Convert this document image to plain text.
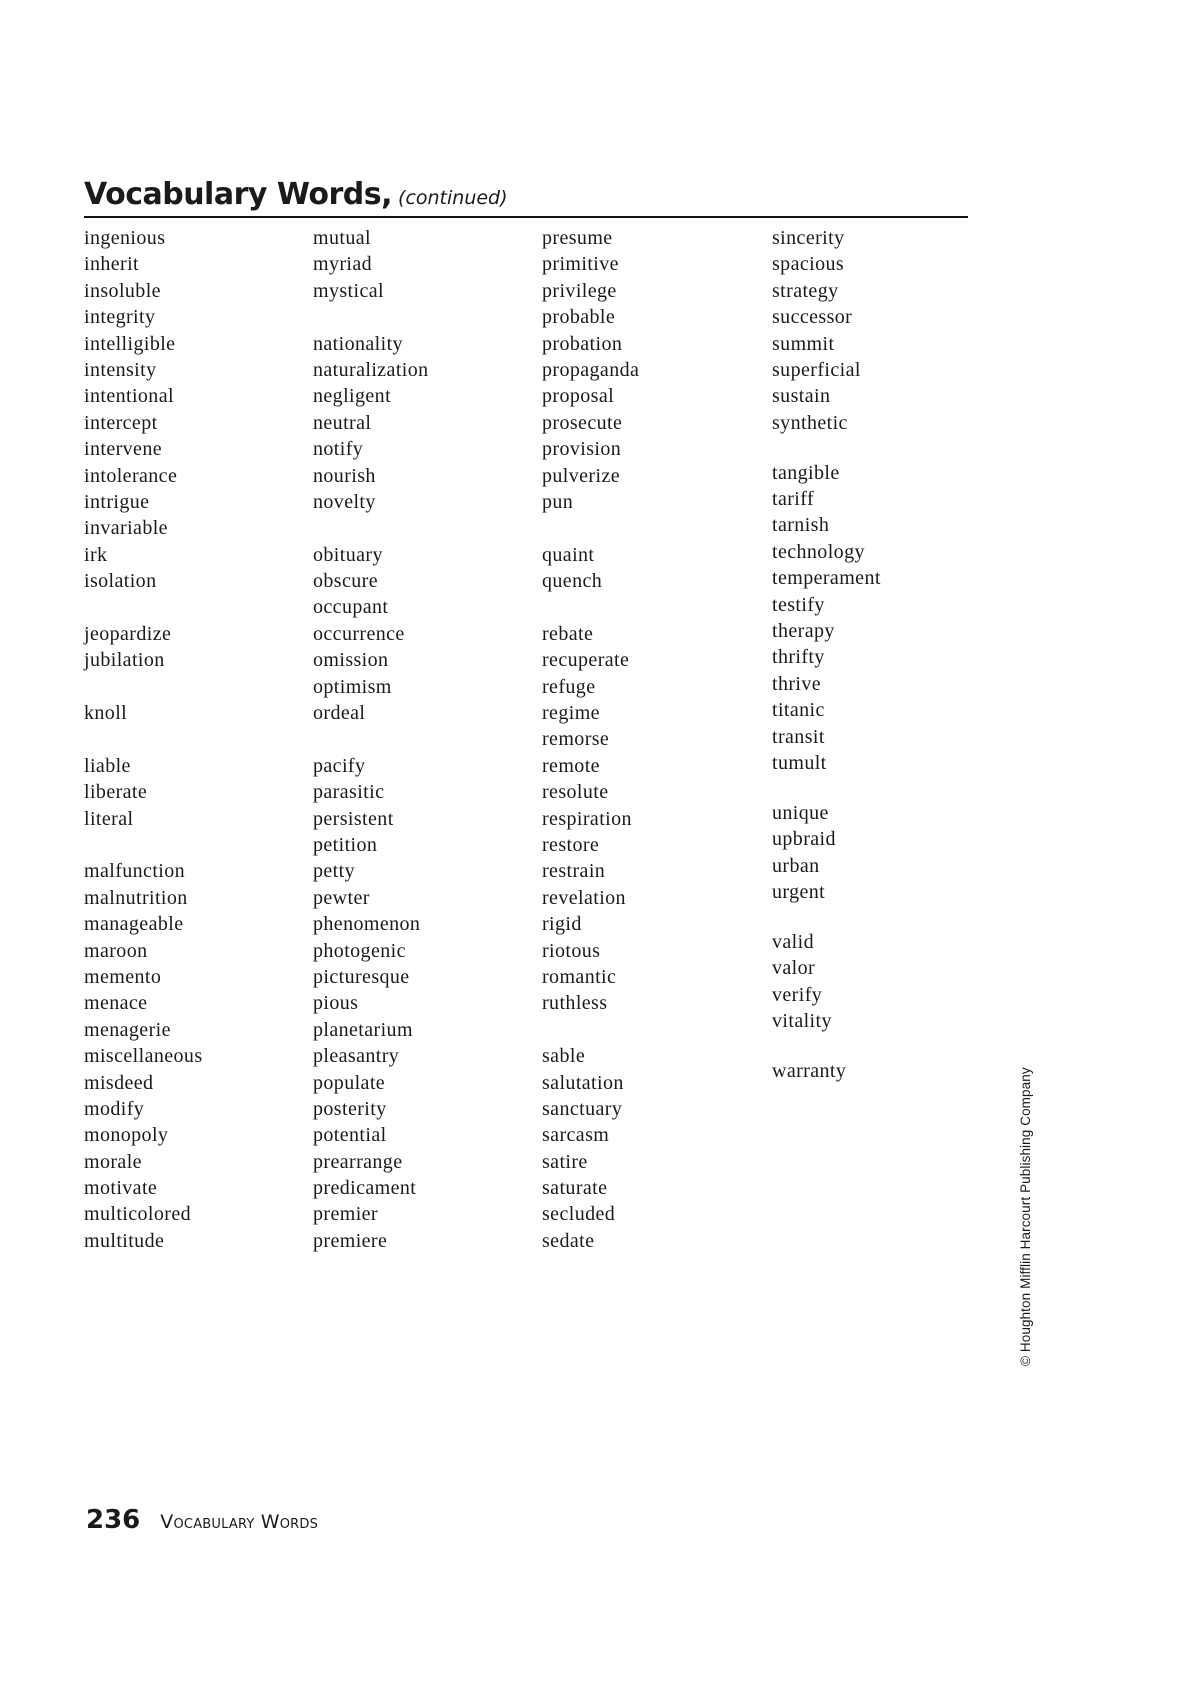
Vocabulary Words, (continued)
ingenious
inherit
insoluble
integrity
intelligible
intensity
intentional
intercept
intervene
intolerance
intrigue
invariable
irk
isolation
jeopardize
jubilation
knoll
liable
liberate
literal
malfunction
malnutrition
manageable
maroon
memento
menace
menagerie
miscellaneous
misdeed
modify
monopoly
morale
motivate
multicolored
multitude
mutual
myriad
mystical
nationality
naturalization
negligent
neutral
notify
nourish
novelty
obituary
obscure
occupant
occurrence
omission
optimism
ordeal
pacify
parasitic
persistent
petition
petty
pewter
phenomenon
photogenic
picturesque
pious
planetarium
pleasantry
populate
posterity
potential
prearrange
predicament
premier
premiere
presume
primitive
privilege
probable
probation
propaganda
proposal
prosecute
provision
pulverize
pun
quaint
quench
rebate
recuperate
refuge
regime
remorse
remote
resolute
respiration
restore
restrain
revelation
rigid
riotous
romantic
ruthless
sable
salutation
sanctuary
sarcasm
satire
saturate
secluded
sedate
sincerity
spacious
strategy
successor
summit
superficial
sustain
synthetic
tangible
tariff
tarnish
technology
temperament
testify
therapy
thrifty
thrive
titanic
transit
tumult
unique
upbraid
urban
urgent
valid
valor
verify
vitality
warranty
236 Vocabulary Words
© Houghton Mifflin Harcourt Publishing Company
